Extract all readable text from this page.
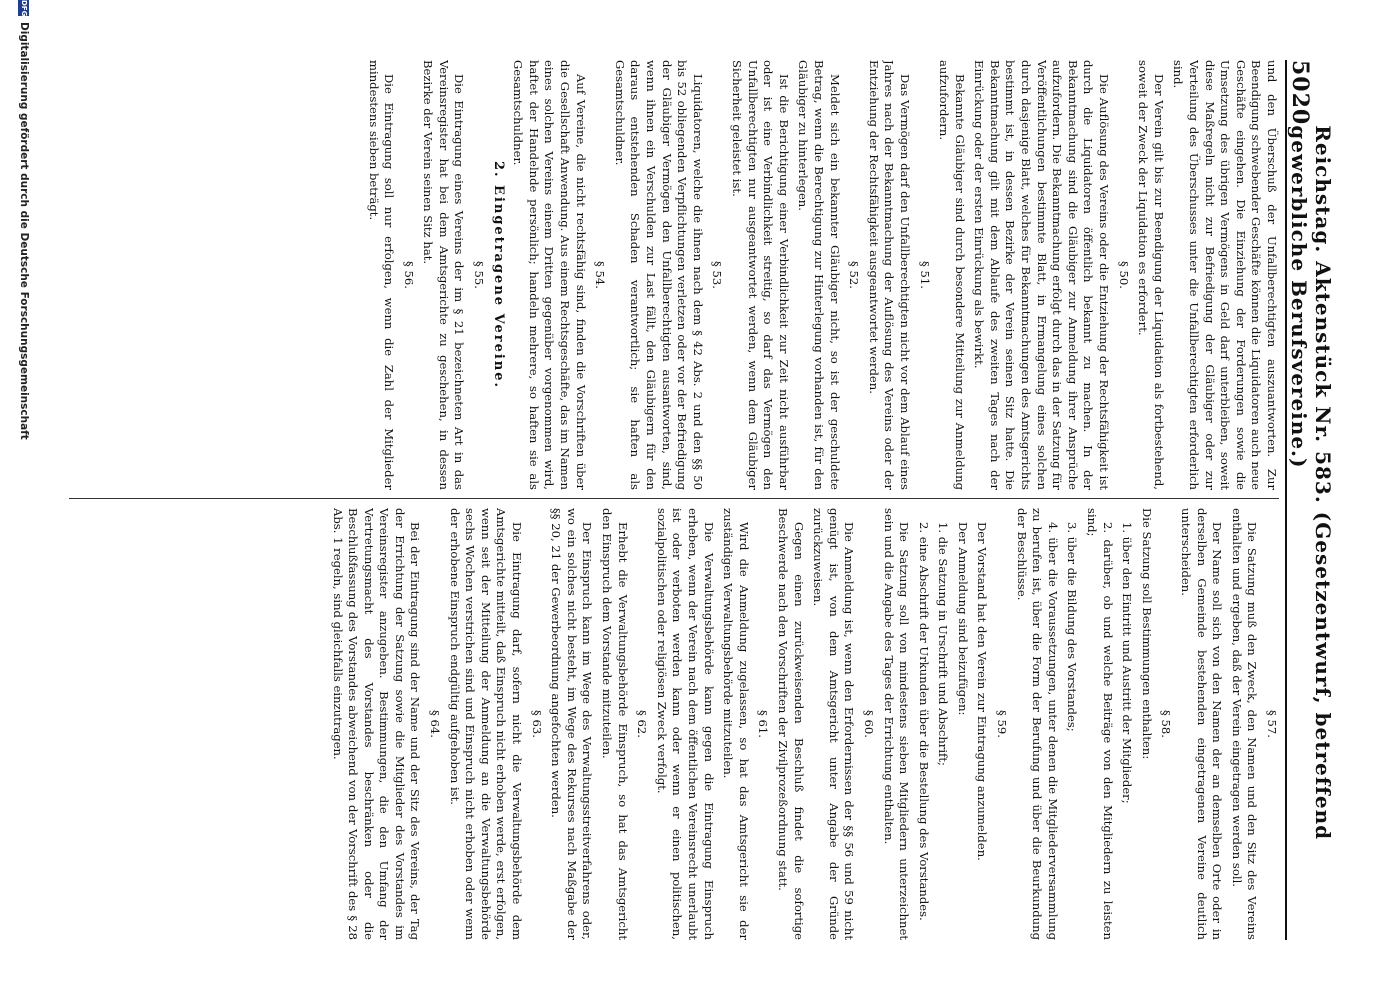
5020
Reichstag. Aktenstück Nr. 583. (Gesetzentwurf, betreffend gewerbliche Berufsvereine.)

und den Überschuß der Unfallberechtigten auszuantworten. Zur Beendigung schwebender Geschäfte können die Liquidatoren auch neue Geschäfte eingehen. Die Einziehung der Forderungen sowie die Umsetzung des übrigen Vermögens in Geld darf unterbleiben, soweit diese Maßregeln nicht zur Befriedigung der Gläubiger oder zur Verteilung des Überschusses unter die Unfallberechtigten erforderlich sind.

Der Verein gilt bis zur Beendigung der Liquidation als fortbestehend, soweit der Zweck der Liquidation es erfordert.

§ 50.

Die Auflösung des Vereins oder die Entziehung der Rechtsfähigkeit ist durch die Liquidatoren öffentlich bekannt zu machen. In der Bekanntmachung sind die Gläubiger zur Anmeldung ihrer Ansprüche aufzufordern. Die Bekanntmachung erfolgt durch das in der Satzung für Veröffentlichungen bestimmte Blatt, in Ermangelung eines solchen durch dasjenige Blatt, welches für Bekanntmachungen des Amtsgerichts bestimmt ist, in dessen Bezirke der Verein seinen Sitz hatte. Die Bekanntmachung gilt mit dem Ablaufe des zweiten Tages nach der Einrückung oder der ersten Einrückung als bewirkt.

Bekannte Gläubiger sind durch besondere Mitteilung zur Anmeldung aufzufordern.

§ 51.

Das Vermögen darf den Unfallberechtigten nicht vor dem Ablauf eines Jahres nach der Bekanntmachung der Auflösung des Vereins oder der Entziehung der Rechtsfähigkeit ausgeantwortet werden.

§ 52.

Meldet sich ein bekannter Gläubiger nicht, so ist der geschuldete Betrag, wenn die Berechtigung zur Hinterlegung vorhanden ist, für den Gläubiger zu hinterlegen.

Ist die Berichtigung einer Verbindlichkeit zur Zeit nicht ausführbar oder ist eine Verbindlichkeit streitig, so darf das Vermögen den Unfallberechtigten nur ausgeantwortet werden, wenn dem Gläubiger Sicherheit geleistet ist.

§ 53.

Liquidatoren, welche die ihnen nach dem § 42 Abs. 2 und den §§ 50 bis 52 obliegenden Verpflichtungen verletzen oder vor der Befriedigung der Gläubiger Vermögen den Unfallberechtigten ausantworten, sind, wenn ihnen ein Verschulden zur Last fällt, den Gläubigern für den daraus entstehenden Schaden verantwortlich; sie haften als Gesamtschuldner.

§ 54.

Auf Vereine, die nicht rechtsfähig sind, finden die Vorschriften über die Gesellschaft Anwendung. Aus einem Rechtsgeschäfte, das im Namen eines solchen Vereins einem Dritten gegenüber vorgenommen wird, haftet der Handelnde persönlich; handeln mehrere, so haften sie als Gesamtschuldner.

2. Eingetragene Vereine.

§ 55.

Die Eintragung eines Vereins der im § 21 bezeichneten Art in das Vereinsregister hat bei dem Amtsgerichte zu geschehen, in dessen Bezirke der Verein seinen Sitz hat.

§ 56.

Die Eintragung soll nur erfolgen, wenn die Zahl der Mitglieder mindestens sieben beträgt.

§ 57.

Die Satzung muß den Zweck, den Namen und den Sitz des Vereins enthalten und ergeben, daß der Verein eingetragen werden soll.

Der Name soll sich von den Namen der an demselben Orte oder in derselben Gemeinde bestehenden eingetragenen Vereine deutlich unterscheiden.

§ 58.

Die Satzung soll Bestimmungen enthalten:

1. über den Eintritt und Austritt der Mitglieder;

2. darüber, ob und welche Beiträge von den Mitgliedern zu leisten sind;

3. über die Bildung des Vorstandes;

4. über die Voraussetzungen, unter denen die Mitgliederversammlung zu berufen ist, über die Form der Berufung und über die Beurkundung der Beschlüsse.

§ 59.

Der Vorstand hat den Verein zur Eintragung anzumelden.

Der Anmeldung sind beizufügen:

1. die Satzung in Urschrift und Abschrift;

2. eine Abschrift der Urkunden über die Bestellung des Vorstandes.

Die Satzung soll von mindestens sieben Mitgliedern unterzeichnet sein und die Angabe des Tages der Errichtung enthalten.

§ 60.

Die Anmeldung ist, wenn den Erfordernissen der §§ 56 und 59 nicht genügt ist, von dem Amtsgericht unter Angabe der Gründe zurückzuweisen.

Gegen einen zurückweisenden Beschluß findet die sofortige Beschwerde nach den Vorschriften der Zivilprozeßordnung statt.

§ 61.

Wird die Anmeldung zugelassen, so hat das Amtsgericht sie der zuständigen Verwaltungsbehörde mitzuteilen.

Die Verwaltungsbehörde kann gegen die Eintragung Einspruch erheben, wenn der Verein nach dem öffentlichen Vereinsrecht unerlaubt ist oder verboten werden kann oder wenn er einen politischen, sozialpolitischen oder religiösen Zweck verfolgt.

§ 62.

Erhebt die Verwaltungsbehörde Einspruch, so hat das Amtsgericht den Einspruch dem Vorstande mitzuteilen.

Der Einspruch kann im Wege des Verwaltungsstreitverfahrens oder, wo ein solches nicht besteht, im Wege des Rekurses nach Maßgabe der §§ 20, 21 der Gewerbeordnung angefochten werden.

§ 63.

Die Eintragung darf, sofern nicht die Verwaltungsbehörde dem Amtsgerichte mitteilt, daß Einspruch nicht erhoben werde, erst erfolgen, wenn seit der Mitteilung der Anmeldung an die Verwaltungsbehörde sechs Wochen verstrichen sind und Einspruch nicht erhoben oder wenn der erhobene Einspruch endgültig aufgehoben ist.

§ 64.

Bei der Eintragung sind der Name und der Sitz des Vereins, der Tag der Errichtung der Satzung sowie die Mitglieder des Vorstandes im Vereinsregister anzugeben. Bestimmungen, die den Umfang der Vertretungsmacht des Vorstandes beschränken oder die Beschlußfassung des Vorstandes abweichend von der Vorschrift des § 28 Abs. 1 regeln, sind gleichfalls einzutragen.

DFG
Digitalisierung gefördert durch die Deutsche Forschungsgemeinschaft
